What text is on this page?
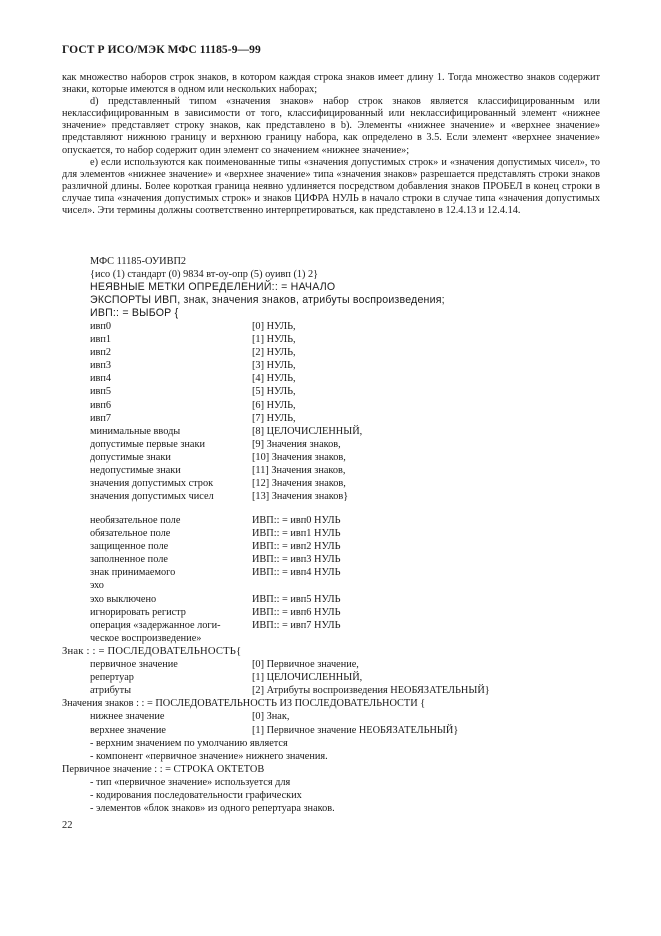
ГОСТ Р ИСО/МЭК МФС 11185-9—99

как множество наборов строк знаков, в котором каждая строка знаков имеет длину 1. Тогда множество знаков содержит знаки, которые имеются в одном или нескольких наборах;

d) представленный типом «значения знаков» набор строк знаков является классифицированным или неклассифицированным в зависимости от того, классифицированный или неклассифицированный элемент «нижнее значение» представляет строку знаков, как представлено в b). Элементы «нижнее значение» и «верхнее значение» представляют нижнюю границу и верхнюю границу набора, как определено в 3.5. Если элемент «верхнее значение» опускается, то набор содержит один элемент со значением «нижнее значение»;

е) если используются как поименованные типы «значения допустимых строк» и «значения допустимых чисел», то для элементов «нижнее значение» и «верхнее значение» типа «значения знаков» разрешается представлять строки знаков различной длины. Более короткая граница неявно удлиняется посредством добавления знаков ПРОБЕЛ в конец строки в случае типа «значения допустимых строк» и знаков ЦИФРА НУЛЬ в начало строки в случае типа «значения допустимых чисел». Эти термины должны соответственно интерпретироваться, как представлено в 12.4.13 и 12.4.14.

МФС 11185-ОУИВП2
{исо (1) стандарт (0) 9834 вт-оу-опр (5) оуивп (1) 2}
НЕЯВНЫЕ МЕТКИ ОПРЕДЕЛЕНИЙ:: = НАЧАЛО
ЭКСПОРТЫ ИВП, знак, значения знаков, атрибуты воспроизведения;
ИВП:: = ВЫБОР {
ивп0	[0] НУЛЬ,
ивп1	[1] НУЛЬ,
ивп2	[2] НУЛЬ,
ивп3	[3] НУЛЬ,
ивп4	[4] НУЛЬ,
ивп5	[5] НУЛЬ,
ивп6	[6] НУЛЬ,
ивп7	[7] НУЛЬ,
минимальные вводы	[8] ЦЕЛОЧИСЛЕННЫЙ,
допустимые первые знаки	[9] Значения знаков,
допустимые знаки	[10] Значения знаков,
недопустимые знаки	[11] Значения знаков,
значения допустимых строк	[12] Значения знаков,
значения допустимых чисел	[13] Значения знаков}
необязательное поле	ИВП:: = ивп0 НУЛЬ
обязательное поле	ИВП:: = ивп1 НУЛЬ
защищенное поле	ИВП:: = ивп2 НУЛЬ
заполненное поле	ИВП:: = ивп3 НУЛЬ
знак принимаемого	ИВП:: = ивп4 НУЛЬ
эхо
эхо выключено	ИВП:: = ивп5 НУЛЬ
игнорировать регистр	ИВП:: = ивп6 НУЛЬ
операция «задержанное логи-	ИВП:: = ивп7 НУЛЬ
ческое воспроизведение»
Знак : : = ПОСЛЕДОВАТЕЛЬНОСТЬ{
первичное значение	[0] Первичное значение,
репертуар	[1] ЦЕЛОЧИСЛЕННЫЙ,
атрибуты	[2] Атрибуты воспроизведения НЕОБЯЗАТЕЛЬНЫЙ}
Значения знаков : : = ПОСЛЕДОВАТЕЛЬНОСТЬ ИЗ ПОСЛЕДОВАТЕЛЬНОСТИ {
нижнее значение	[0] Знак,
верхнее значение	[1] Первичное значение НЕОБЯЗАТЕЛЬНЫЙ}
- верхним значением по умолчанию является
- компонент «первичное значение» нижнего значения.
Первичное значение : : = СТРОКА ОКТЕТОВ
- тип «первичное значение» используется для
- кодирования последовательности графических
- элементов «блок знаков» из одного репертуара знаков.
22
